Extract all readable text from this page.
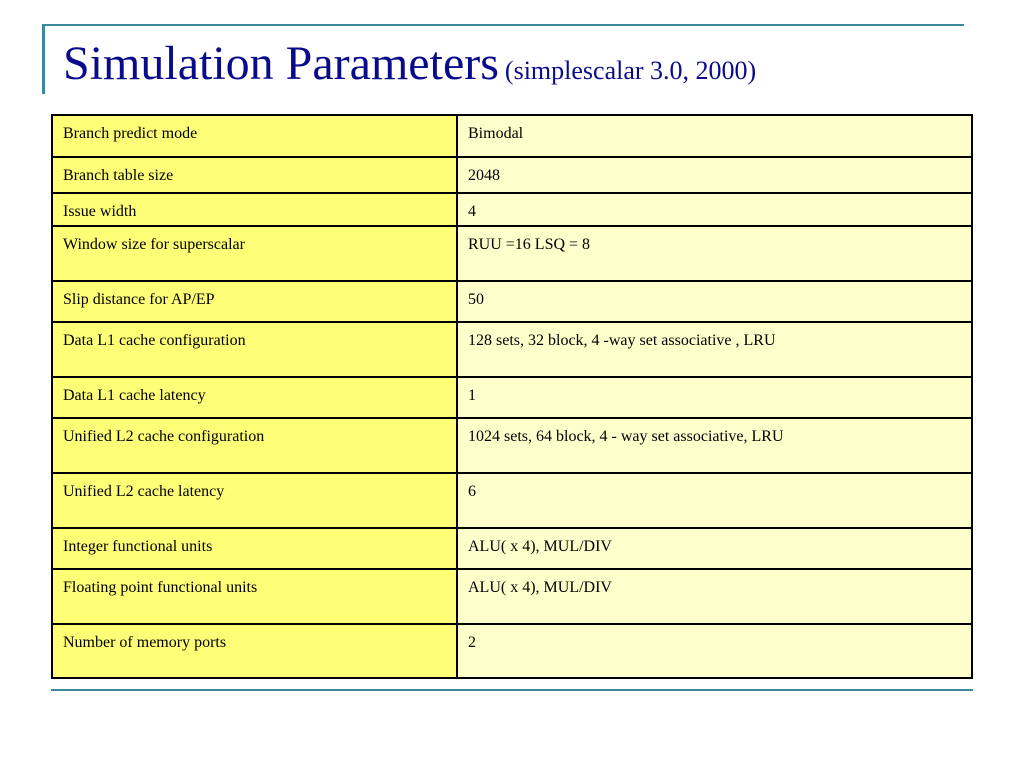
Simulation Parameters (simplescalar 3.0, 2000)
Branch predict mode	Bimodal
Branch table size	2048
Issue width	4
Window size for superscalar	RUU =16 LSQ = 8
Slip distance for AP/EP	50
Data L1 cache configuration	128 sets, 32 block, 4 -way set associative , LRU
Data L1 cache latency	1
Unified L2 cache configuration	1024 sets, 64 block, 4 - way set associative, LRU
Unified L2 cache latency	6
Integer functional units	ALU( x 4), MUL/DIV
Floating point functional units	ALU( x 4), MUL/DIV
Number of memory ports	2
